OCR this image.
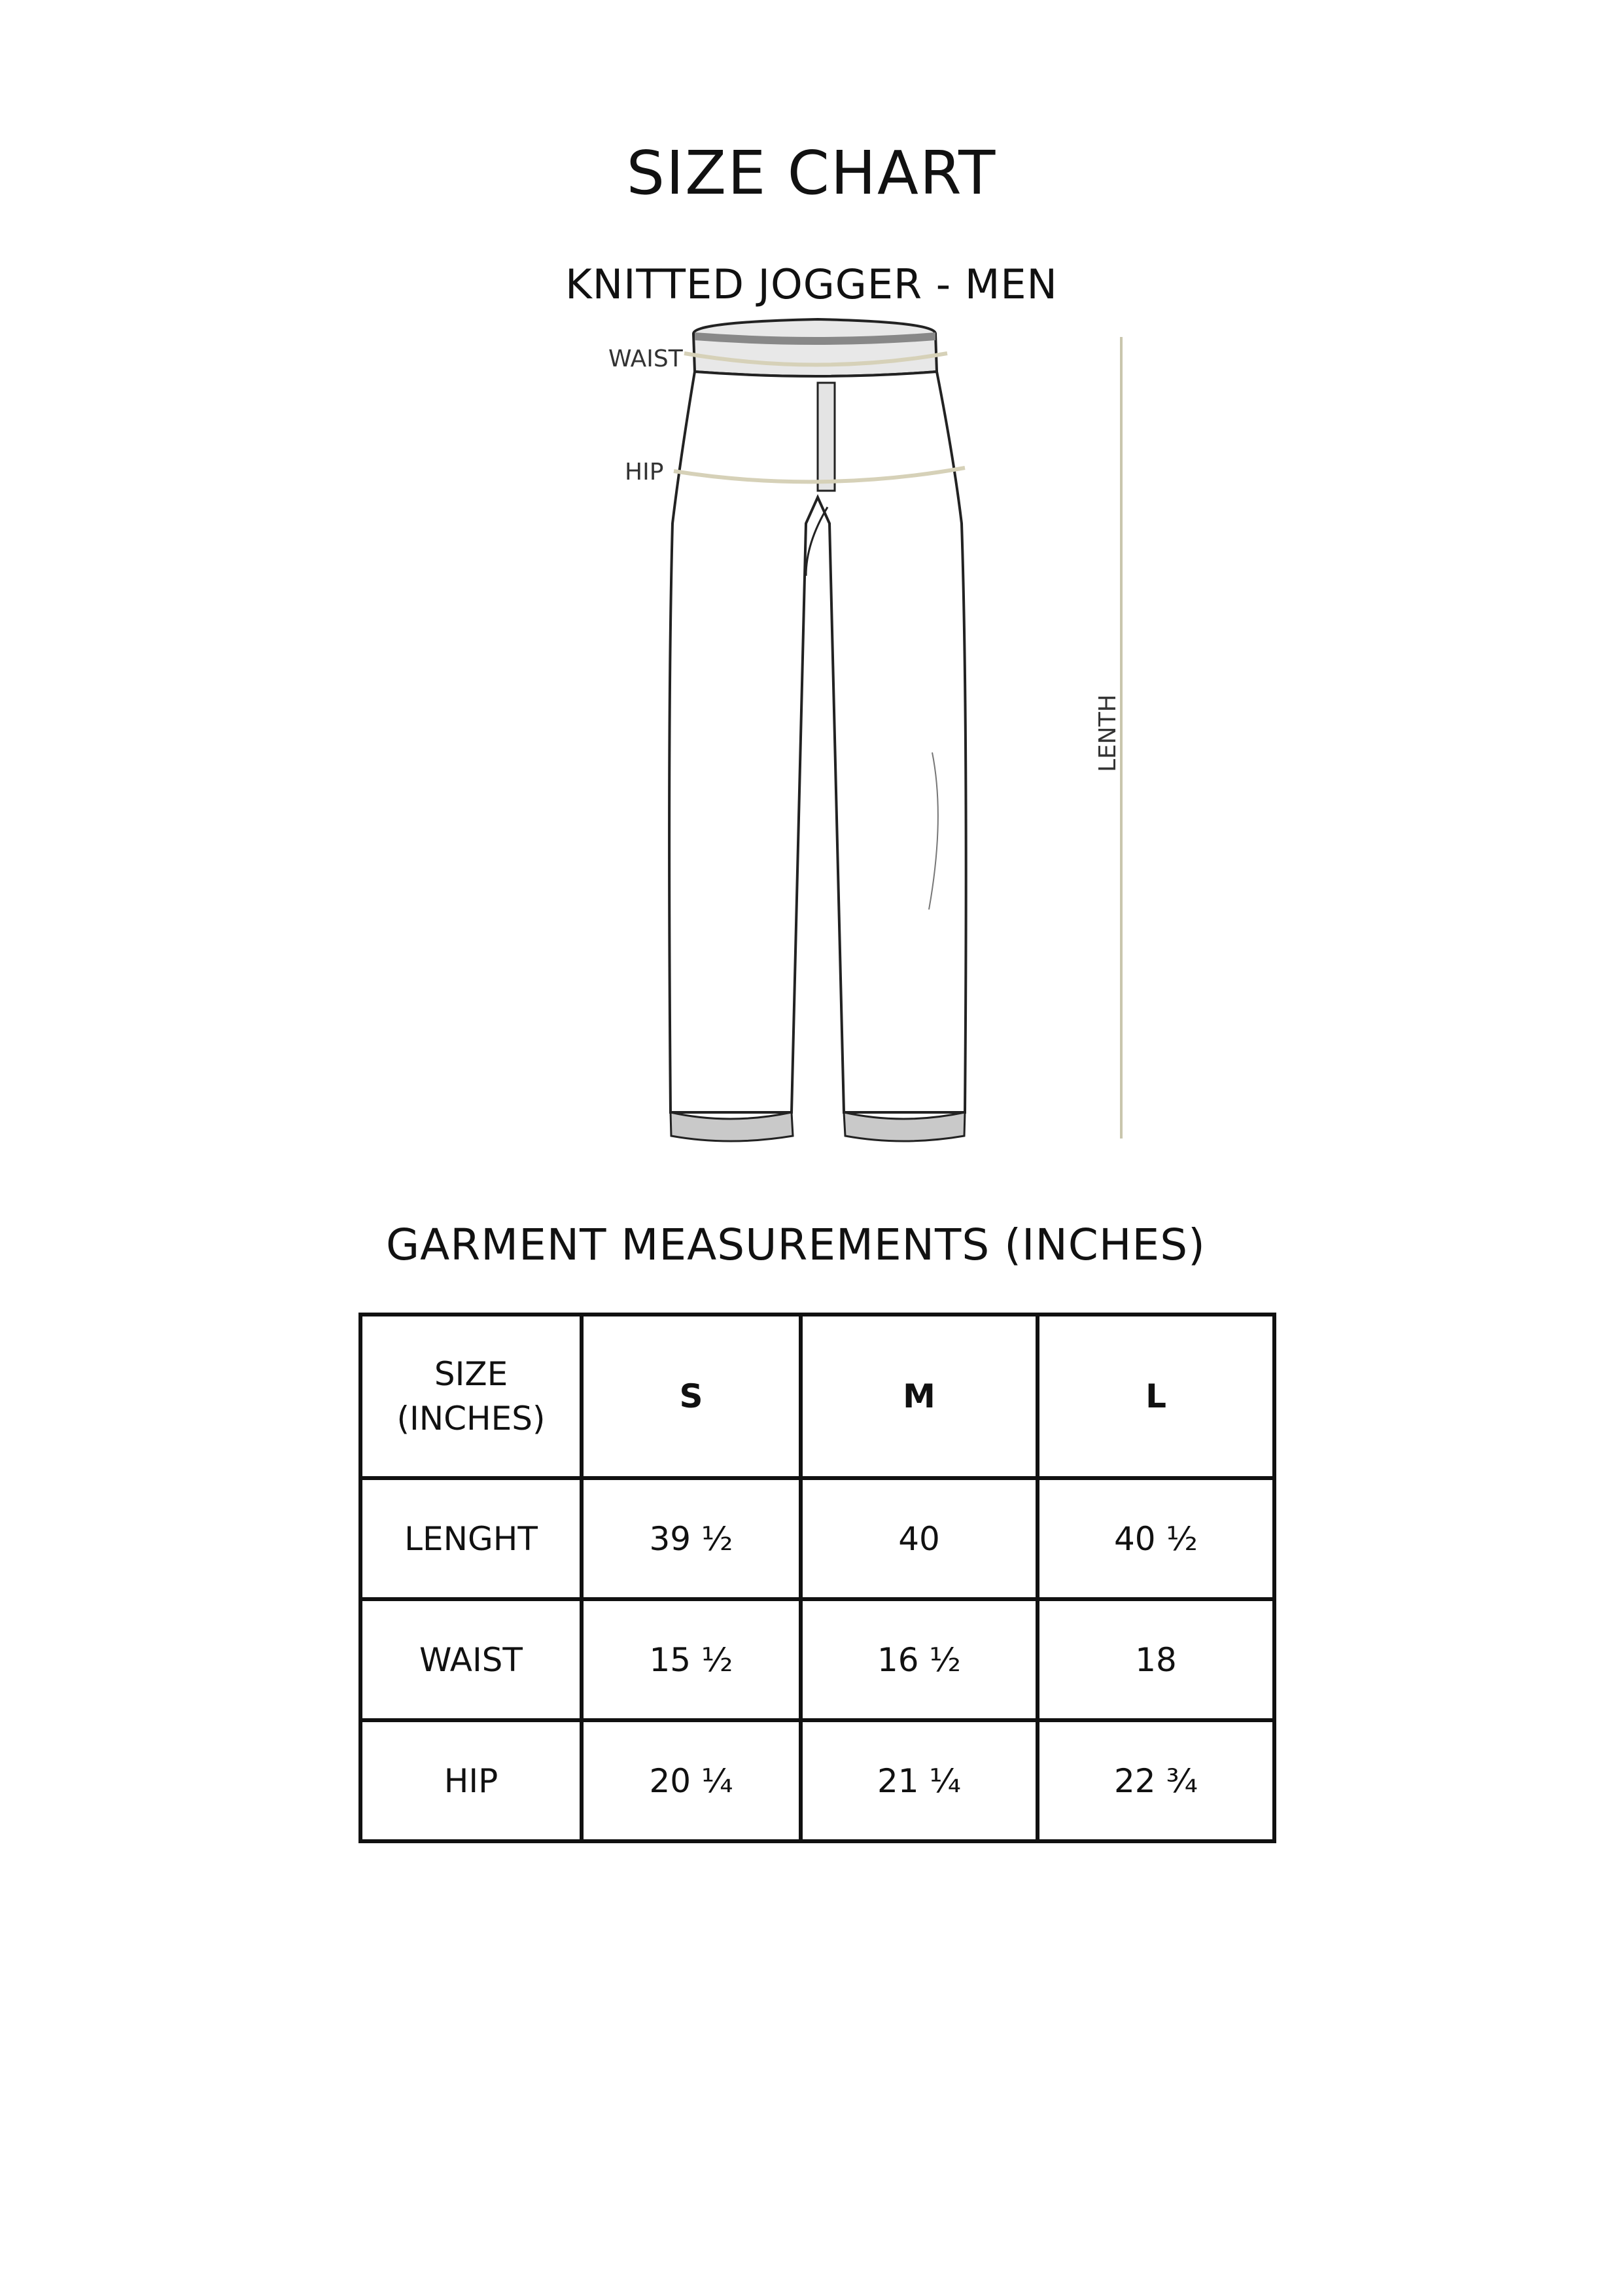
SIZE CHART
KNITTED JOGGER - MEN
WAIST
HIP
LENTH
GARMENT MEASUREMENTS (INCHES)
SIZE
(INCHES)	S	M	L
LENGHT	39 ½	40	40 ½
WAIST	15 ½	16 ½	18
HIP	20 ¼	21 ¼	22 ¾
